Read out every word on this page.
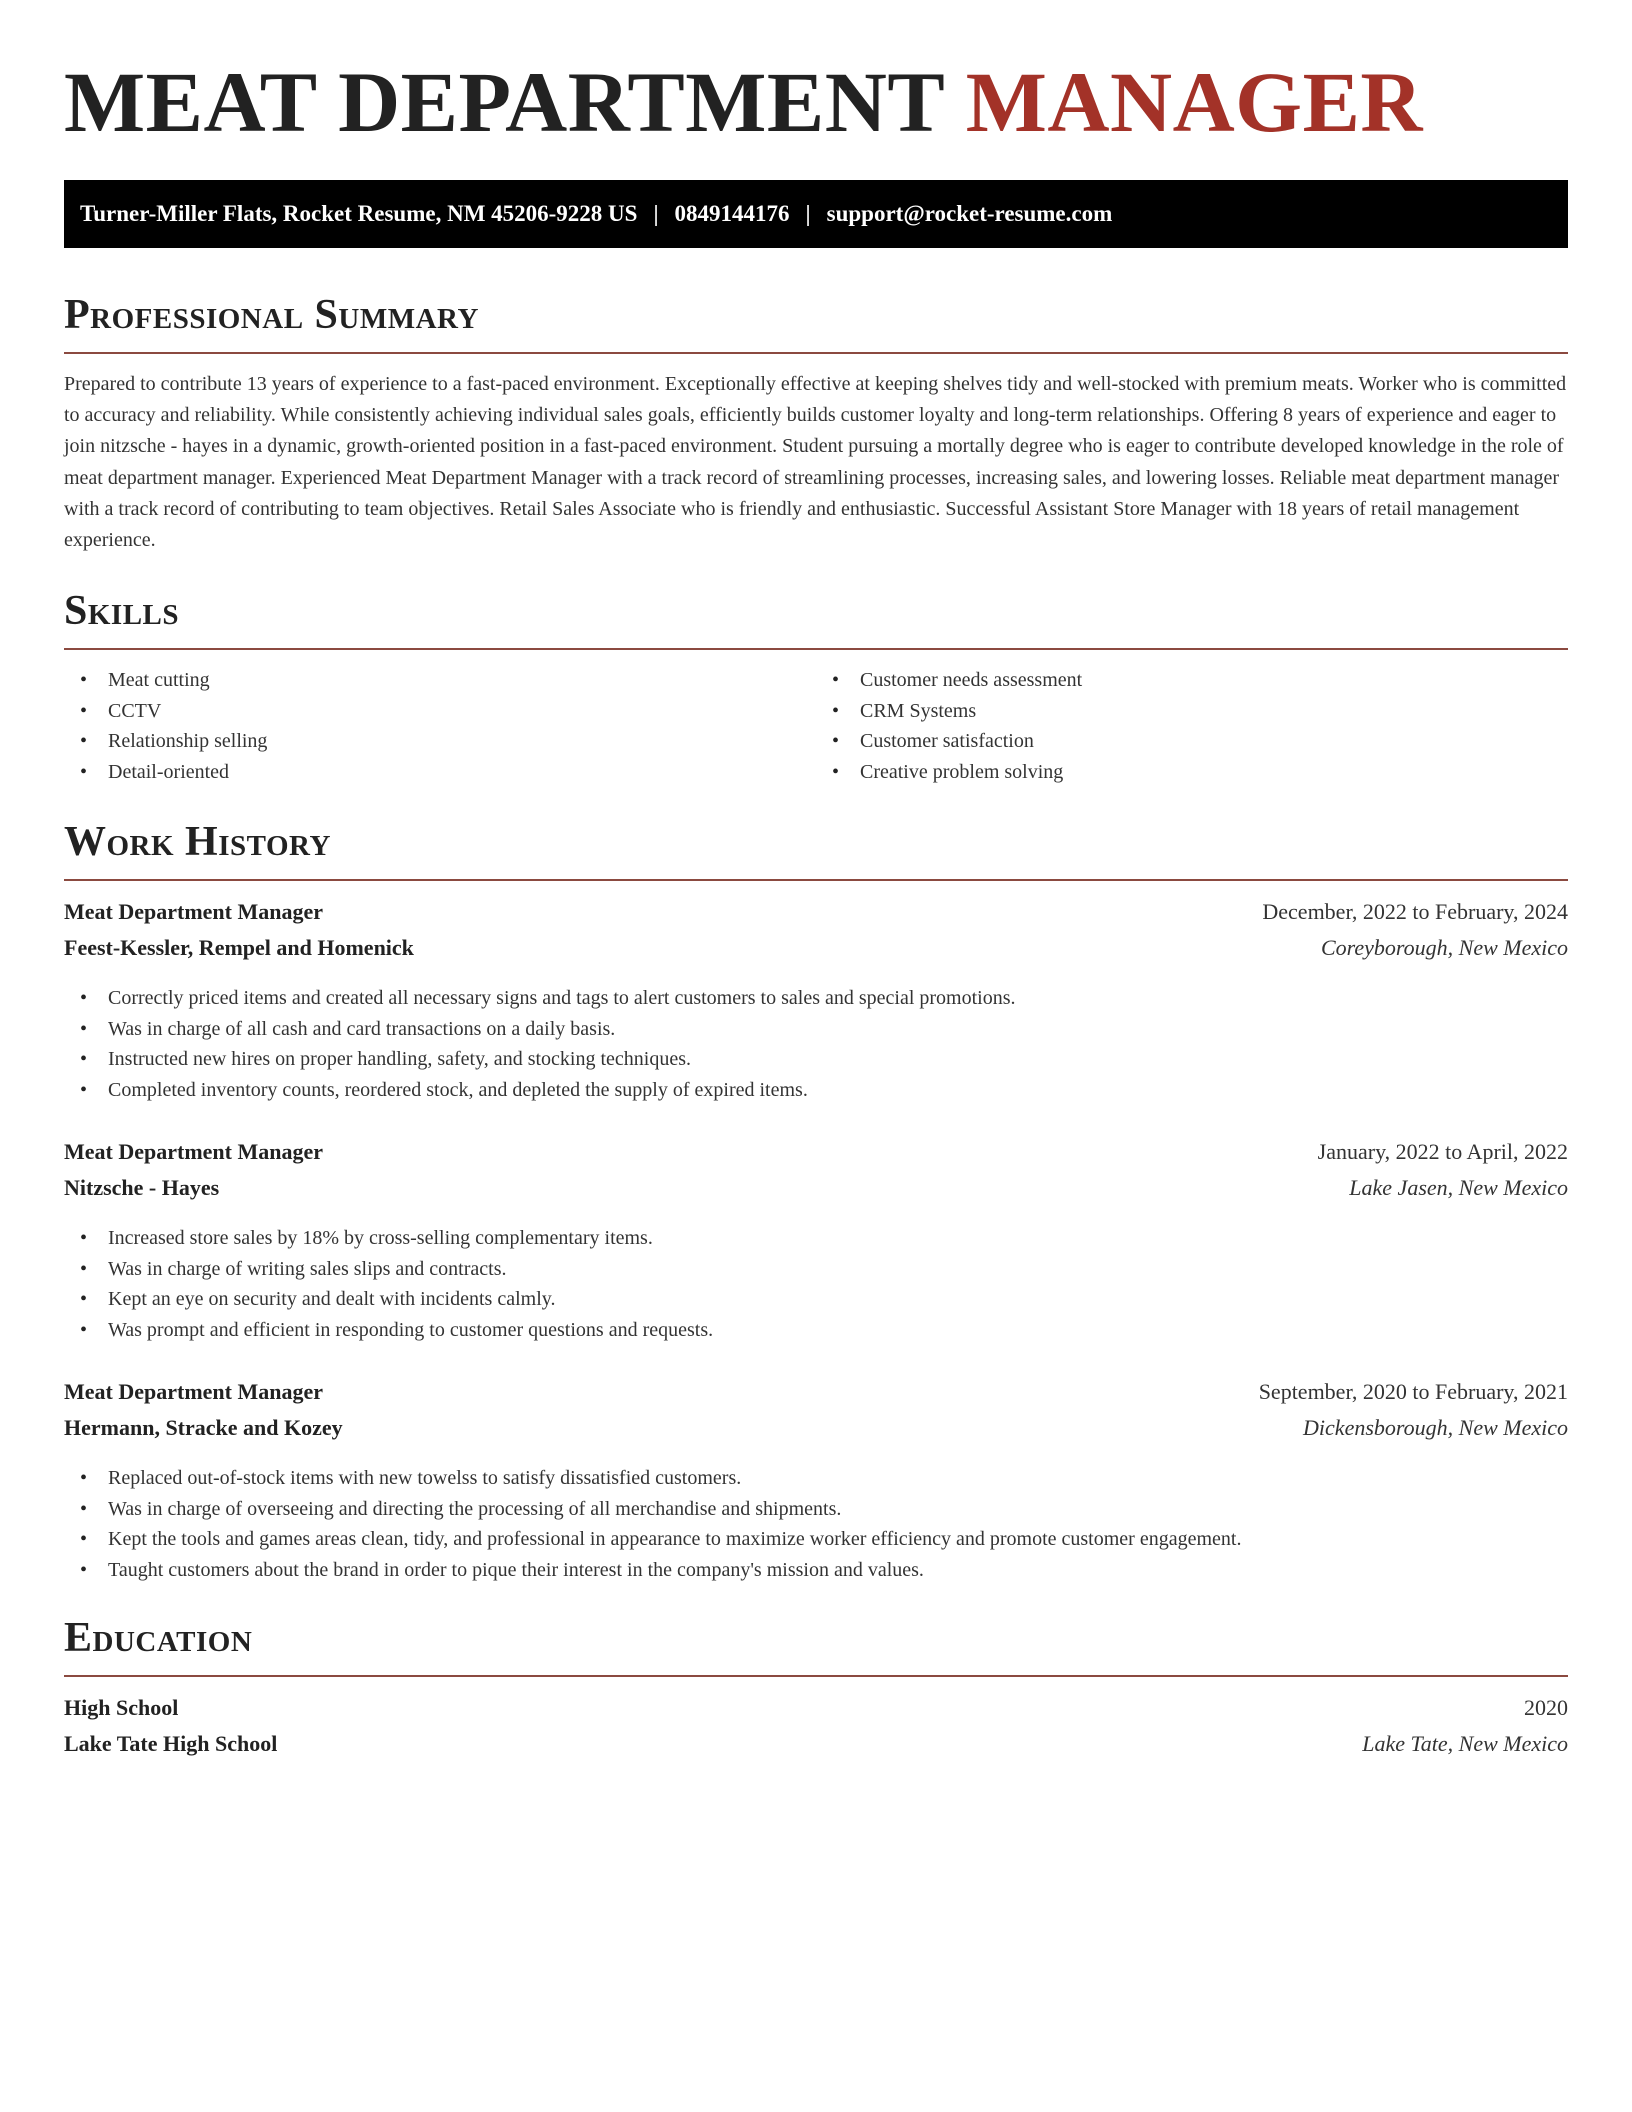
MEAT DEPARTMENT MANAGER
Turner-Miller Flats, Rocket Resume, NM 45206-9228 US | 0849144176 | support@rocket-resume.com
Professional Summary

Prepared to contribute 13 years of experience to a fast-paced environment. Exceptionally effective at keeping shelves tidy and well-stocked with premium meats. Worker who is committed to accuracy and reliability. While consistently achieving individual sales goals, efficiently builds customer loyalty and long-term relationships. Offering 8 years of experience and eager to join nitzsche - hayes in a dynamic, growth-oriented position in a fast-paced environment. Student pursuing a mortally degree who is eager to contribute developed knowledge in the role of meat department manager. Experienced Meat Department Manager with a track record of streamlining processes, increasing sales, and lowering losses. Reliable meat department manager with a track record of contributing to team objectives. Retail Sales Associate who is friendly and enthusiastic. Successful Assistant Store Manager with 18 years of retail management experience.

Skills
• Meat cutting
• CCTV
• Relationship selling
• Detail-oriented
• Customer needs assessment
• CRM Systems
• Customer satisfaction
• Creative problem solving
Work History
Meat Department Manager	December, 2022 to February, 2024
Feest-Kessler, Rempel and Homenick	Coreyborough, New Mexico
• Correctly priced items and created all necessary signs and tags to alert customers to sales and special promotions.
• Was in charge of all cash and card transactions on a daily basis.
• Instructed new hires on proper handling, safety, and stocking techniques.
• Completed inventory counts, reordered stock, and depleted the supply of expired items.
Meat Department Manager	January, 2022 to April, 2022
Nitzsche - Hayes	Lake Jasen, New Mexico
• Increased store sales by 18% by cross-selling complementary items.
• Was in charge of writing sales slips and contracts.
• Kept an eye on security and dealt with incidents calmly.
• Was prompt and efficient in responding to customer questions and requests.
Meat Department Manager	September, 2020 to February, 2021
Hermann, Stracke and Kozey	Dickensborough, New Mexico
• Replaced out-of-stock items with new towelss to satisfy dissatisfied customers.
• Was in charge of overseeing and directing the processing of all merchandise and shipments.
• Kept the tools and games areas clean, tidy, and professional in appearance to maximize worker efficiency and promote customer engagement.
• Taught customers about the brand in order to pique their interest in the company's mission and values.
Education
High School	2020
Lake Tate High School	Lake Tate, New Mexico
